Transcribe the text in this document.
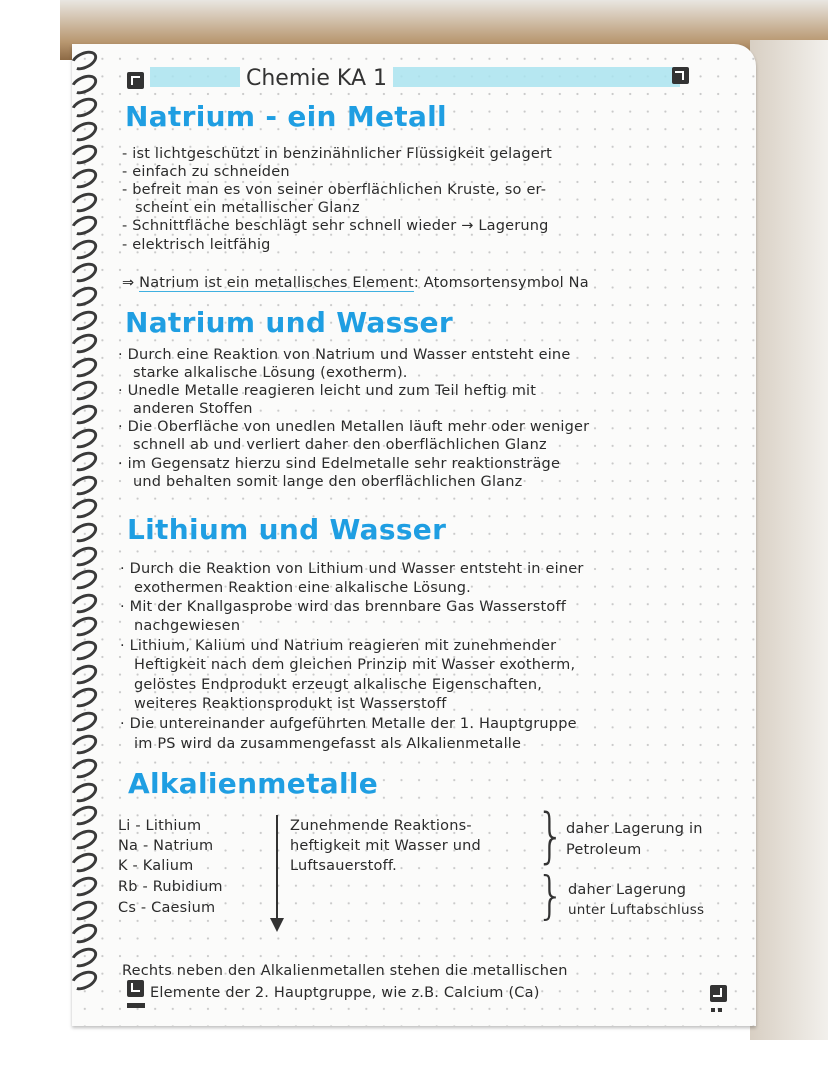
Chemie KA 1
Natrium - ein Metall
- ist lichtgeschützt in benzinähnlicher Flüssigkeit gelagert
- einfach zu schneiden
- befreit man es von seiner oberflächlichen Kruste, so er-
scheint ein metallischer Glanz
- Schnittfläche beschlägt sehr schnell wieder → Lagerung
- elektrisch leitfähig
⇒ Natrium ist ein metallisches Element: Atomsortensymbol Na
Natrium und Wasser
· Durch eine Reaktion von Natrium und Wasser entsteht eine
starke alkalische Lösung (exotherm).
· Unedle Metalle reagieren leicht und zum Teil heftig mit
anderen Stoffen
· Die Oberfläche von unedlen Metallen läuft mehr oder weniger
schnell ab und verliert daher den oberflächlichen Glanz
· im Gegensatz hierzu sind Edelmetalle sehr reaktionsträge
und behalten somit lange den oberflächlichen Glanz
Lithium und Wasser
· Durch die Reaktion von Lithium und Wasser entsteht in einer
exothermen Reaktion eine alkalische Lösung.
· Mit der Knallgasprobe wird das brennbare Gas Wasserstoff
nachgewiesen
· Lithium, Kalium und Natrium reagieren mit zunehmender
Heftigkeit nach dem gleichen Prinzip mit Wasser exotherm,
gelöstes Endprodukt erzeugt alkalische Eigenschaften,
weiteres Reaktionsprodukt ist Wasserstoff
· Die untereinander aufgeführten Metalle der 1. Hauptgruppe
im PS wird da zusammengefasst als Alkalienmetalle
Alkalienmetalle
Li - Lithium
Na - Natrium
K - Kalium
Rb - Rubidium
Cs - Caesium
Zunehmende Reaktions-
heftigkeit mit Wasser und
Luftsauerstoff.	}
}
daher Lagerung in
Petroleum
daher Lagerung
unter Luftabschluss
Rechts neben den Alkalienmetallen stehen die metallischen
Elemente der 2. Hauptgruppe, wie z.B. Calcium (Ca)
